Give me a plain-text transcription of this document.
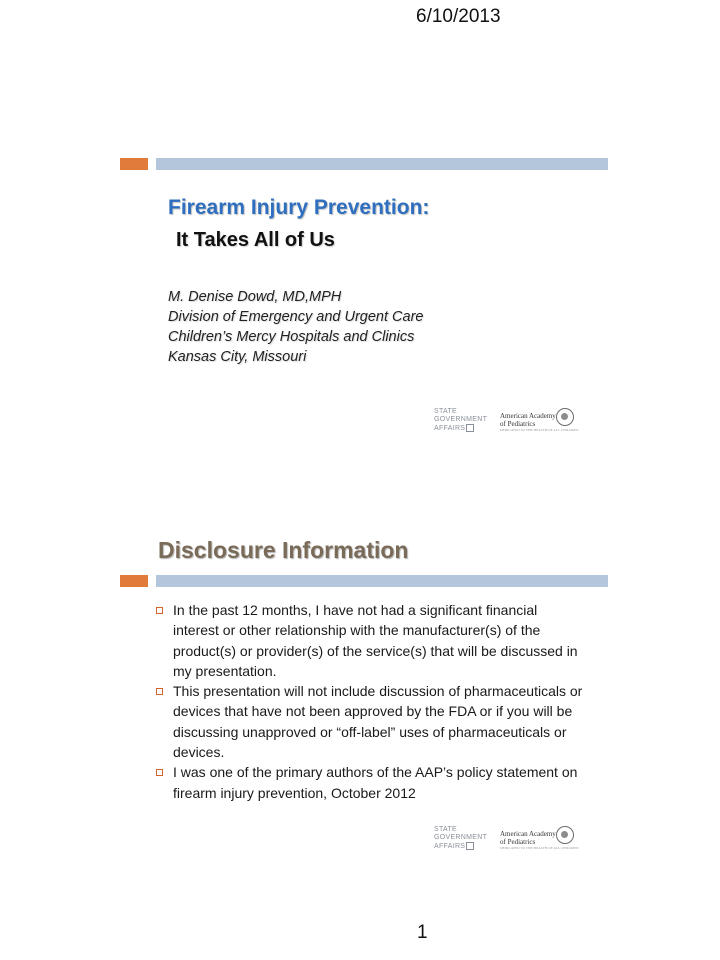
6/10/2013
Firearm Injury Prevention:
It Takes All of Us
M. Denise Dowd, MD,MPH
Division of Emergency and Urgent Care
Children’s Mercy Hospitals and Clinics
Kansas City, Missouri
STATE
GOVERNMENT
AFFAIRS
American Academy
of Pediatrics
DEDICATED TO THE HEALTH OF ALL CHILDREN
Disclosure Information
In the past 12 months, I have not had a significant financial interest or other relationship with the manufacturer(s) of the product(s) or provider(s) of the service(s) that will be discussed in my presentation.
This presentation will not include discussion of pharmaceuticals or devices that have not been approved by the FDA or if you will be discussing unapproved or “off-label” uses of pharmaceuticals or devices.
I was one of the primary authors of the AAP’s policy statement on firearm injury prevention, October 2012
STATE
GOVERNMENT
AFFAIRS
American Academy
of Pediatrics
DEDICATED TO THE HEALTH OF ALL CHILDREN
1
